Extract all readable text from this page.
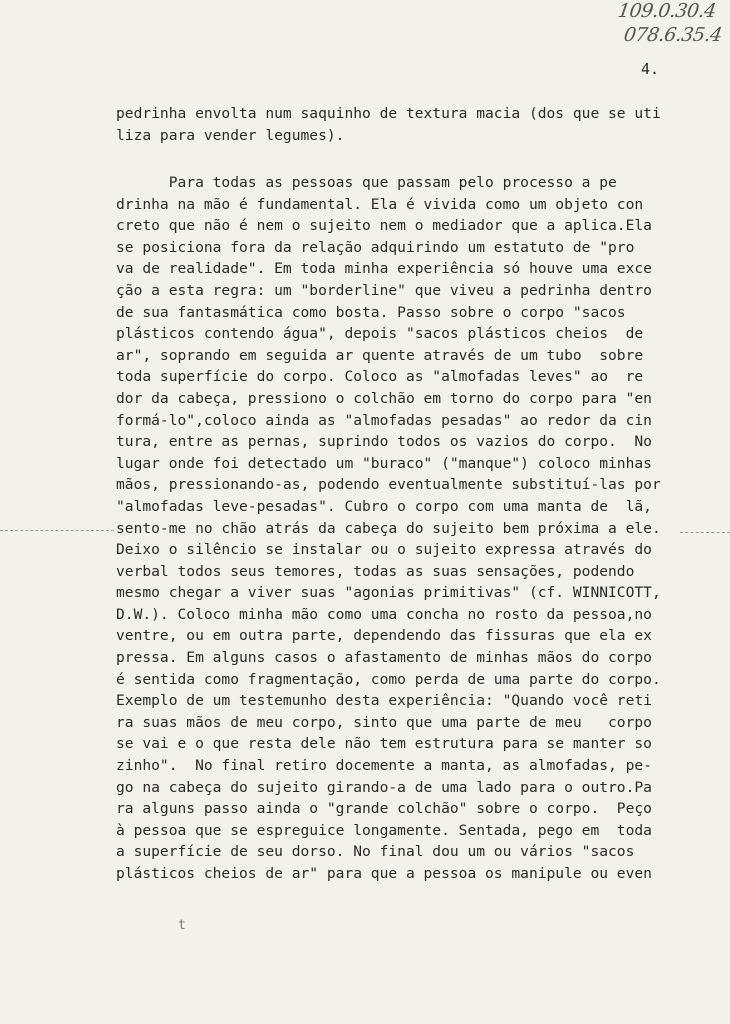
109.0.30.4
078.6.35.4
4.
pedrinha envolta num saquinho de textura macia (dos que se uti
liza para vender legumes).
Para todas as pessoas que passam pelo processo a pe
drinha na mão é fundamental. Ela é vivida como um objeto con
creto que não é nem o sujeito nem o mediador que a aplica.Ela
se posiciona fora da relação adquirindo um estatuto de "pro
va de realidade". Em toda minha experiência só houve uma exce
ção a esta regra: um "borderline" que viveu a pedrinha dentro
de sua fantasmática como bosta. Passo sobre o corpo "sacos
plásticos contendo água", depois "sacos plásticos cheios  de
ar", soprando em seguida ar quente através de um tubo  sobre
toda superfície do corpo. Coloco as "almofadas leves" ao  re
dor da cabeça, pressiono o colchão em torno do corpo para "en
formá-lo",coloco ainda as "almofadas pesadas" ao redor da cin
tura, entre as pernas, suprindo todos os vazios do corpo.  No
lugar onde foi detectado um "buraco" ("manque") coloco minhas
mãos, pressionando-as, podendo eventualmente substituí-las por
"almofadas leve-pesadas". Cubro o corpo com uma manta de  lã,
sento-me no chão atrás da cabeça do sujeito bem próxima a ele.
Deixo o silêncio se instalar ou o sujeito expressa através do
verbal todos seus temores, todas as suas sensações, podendo
mesmo chegar a viver suas "agonias primitivas" (cf. WINNICOTT,
D.W.). Coloco minha mão como uma concha no rosto da pessoa,no
ventre, ou em outra parte, dependendo das fissuras que ela ex
pressa. Em alguns casos o afastamento de minhas mãos do corpo
é sentida como fragmentação, como perda de uma parte do corpo.
Exemplo de um testemunho desta experiência: "Quando você reti
ra suas mãos de meu corpo, sinto que uma parte de meu   corpo
se vai e o que resta dele não tem estrutura para se manter so
zinho".  No final retiro docemente a manta, as almofadas, pe-
go na cabeça do sujeito girando-a de uma lado para o outro.Pa
ra alguns passo ainda o "grande colchão" sobre o corpo.  Peço
à pessoa que se espreguice longamente. Sentada, pego em  toda
a superfície de seu dorso. No final dou um ou vários "sacos
plásticos cheios de ar" para que a pessoa os manipule ou even
t
